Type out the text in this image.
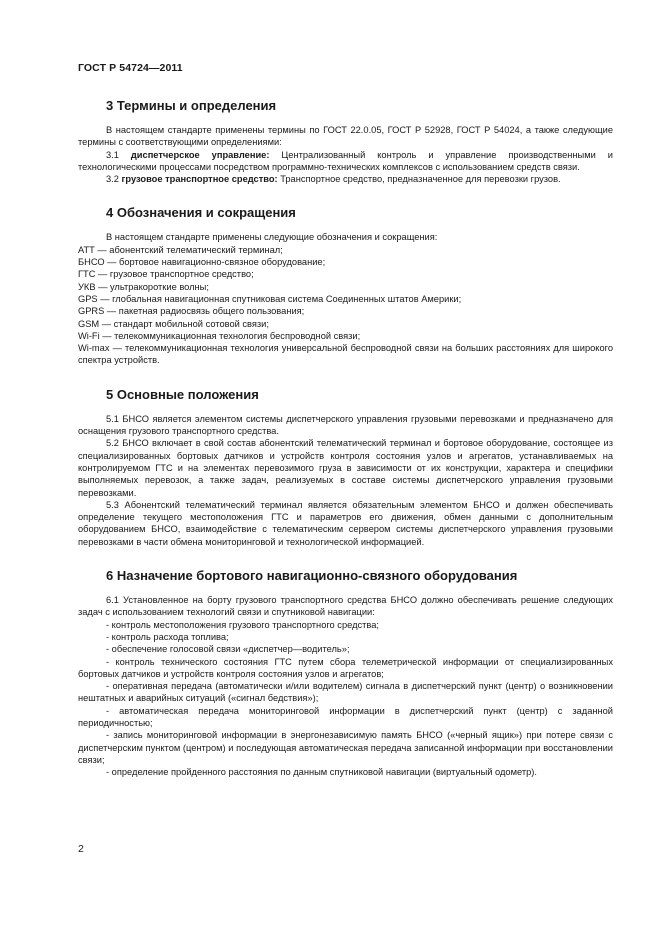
ГОСТ Р 54724—2011
3 Термины и определения

В настоящем стандарте применены термины по ГОСТ 22.0.05, ГОСТ Р 52928, ГОСТ Р 54024, а также следующие термины с соответствующими определениями:

3.1 диспетчерское управление: Централизованный контроль и управление производственными и технологическими процессами посредством программно-технических комплексов с использованием средств связи.

3.2 грузовое транспортное средство: Транспортное средство, предназначенное для перевозки грузов.

4 Обозначения и сокращения

В настоящем стандарте применены следующие обозначения и сокращения:

АТТ — абонентский телематический терминал;

БНСО — бортовое навигационно-связное оборудование;

ГТС — грузовое транспортное средство;

УКВ — ультракороткие волны;

GPS — глобальная навигационная спутниковая система Соединенных штатов Америки;

GPRS — пакетная радиосвязь общего пользования;

GSM — стандарт мобильной сотовой связи;

Wi-Fi — телекоммуникационная технология беспроводной связи;

Wi-max — телекоммуникационная технология универсальной беспроводной связи на больших расстояниях для широкого спектра устройств.

5 Основные положения

5.1 БНСО является элементом системы диспетчерского управления грузовыми перевозками и предназначено для оснащения грузового транспортного средства.

5.2 БНСО включает в свой состав абонентский телематический терминал и бортовое оборудование, состоящее из специализированных бортовых датчиков и устройств контроля состояния узлов и агрегатов, устанавливаемых на контролируемом ГТС и на элементах перевозимого груза в зависимости от их конструкции, характера и специфики выполняемых перевозок, а также задач, реализуемых в составе системы диспетчерского управления грузовыми перевозками.

5.3 Абонентский телематический терминал является обязательным элементом БНСО и должен обеспечивать определение текущего местоположения ГТС и параметров его движения, обмен данными с дополнительным оборудованием БНСО, взаимодействие с телематическим сервером системы диспетчерского управления грузовыми перевозками в части обмена мониторинговой и технологической информацией.

6 Назначение бортового навигационно-связного оборудования

6.1 Установленное на борту грузового транспортного средства БНСО должно обеспечивать решение следующих задач с использованием технологий связи и спутниковой навигации:

- контроль местоположения грузового транспортного средства;

- контроль расхода топлива;

- обеспечение голосовой связи «диспетчер—водитель»;

- контроль технического состояния ГТС путем сбора телеметрической информации от специализированных бортовых датчиков и устройств контроля состояния узлов и агрегатов;

- оперативная передача (автоматически и/или водителем) сигнала в диспетчерский пункт (центр) о возникновении нештатных и аварийных ситуаций («сигнал бедствия»);

- автоматическая передача мониторинговой информации в диспетчерский пункт (центр) с заданной периодичностью;

- запись мониторинговой информации в энергонезависимую память БНСО («черный ящик») при потере связи с диспетчерским пунктом (центром) и последующая автоматическая передача записанной информации при восстановлении связи;

- определение пройденного расстояния по данным спутниковой навигации (виртуальный одометр).

2
